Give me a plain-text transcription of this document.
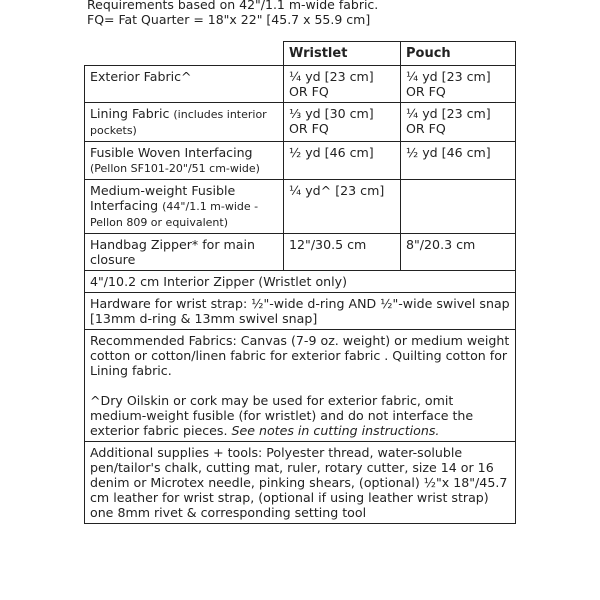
Requirements based on 42"/1.1 m-wide fabric.
FQ= Fat Quarter = 18"x 22" [45.7 x 55.9 cm]
	Wristlet	Pouch
Exterior Fabric^	¼ yd [23 cm] OR FQ	¼ yd [23 cm] OR FQ
Lining Fabric (includes interior pockets)	⅓ yd [30 cm] OR FQ	¼ yd [23 cm] OR FQ
Fusible Woven Interfacing
(Pellon SF101-20"/51 cm-wide)	½ yd [46 cm]	½ yd [46 cm]
Medium-weight Fusible Interfacing (44"/1.1 m-wide - Pellon 809 or equivalent)	¼ yd^ [23 cm]	
Handbag Zipper* for main closure	12"/30.5 cm	8"/20.3 cm
4"/10.2 cm Interior Zipper (Wristlet only)		
Hardware for wrist strap: ½"-wide d-ring AND ½"-wide swivel snap [13mm d-ring & 13mm swivel snap]		

Recommended Fabrics: Canvas (7-9 oz. weight) or medium weight cotton or cotton/linen fabric for exterior fabric . Quilting cotton for Lining fabric.
^Dry Oilskin or cork may be used for exterior fabric, omit medium-weight fusible (for wristlet) and do not interface the exterior fabric pieces. See notes in cutting instructions.		

Additional supplies + tools: Polyester thread, water-soluble pen/tailor's chalk, cutting mat, ruler, rotary cutter, size 14 or 16 denim or Microtex needle, pinking shears, (optional) ½"x 18"/45.7 cm leather for wrist strap, (optional if using leather wrist strap) one 8mm rivet & corresponding setting tool		
